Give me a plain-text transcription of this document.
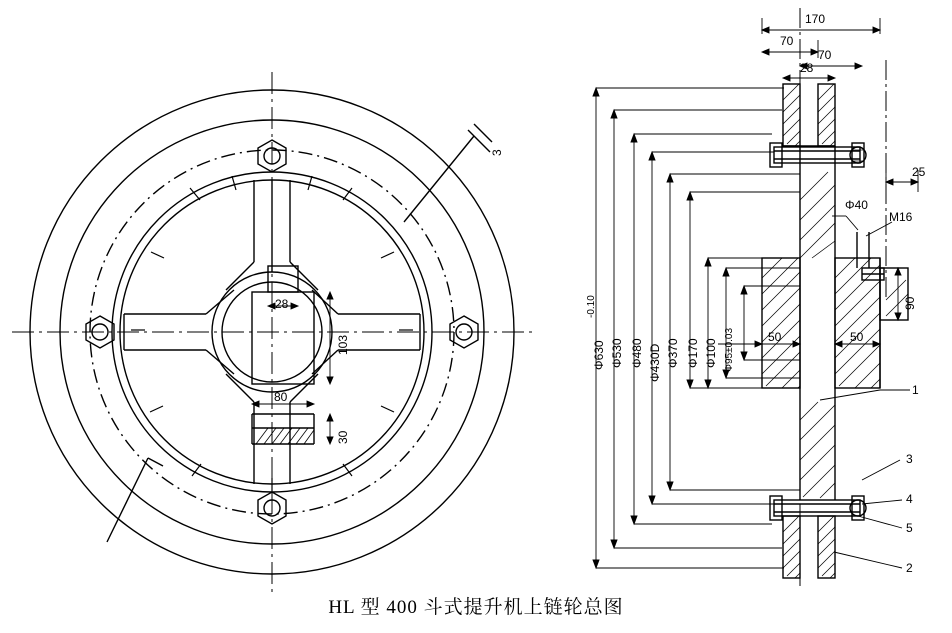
28
103
80
30
3
170
70
70
28
25
Φ40
M16
90
50	50
Φ630
-0.10
Φ530 Φ480 Φ430D Φ370 Φ170 Φ100 Φ95±0.03
1
3
4
5
2
HL 型 400 斗式提升机上链轮总图
